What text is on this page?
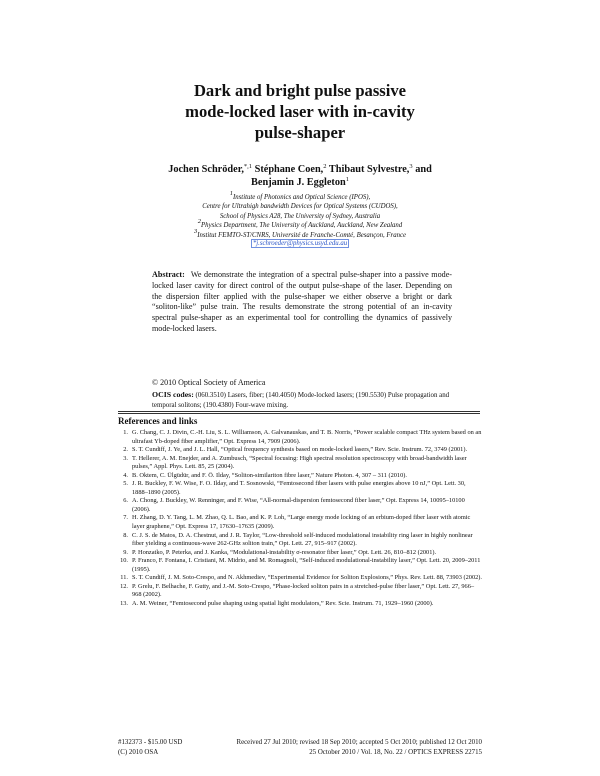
Dark and bright pulse passive
mode-locked laser with in-cavity
pulse-shaper
Jochen Schröder,$^{*,1}$ Stéphane Coen,$^2$ Thibaut Sylvestre,$^3$ and
Benjamin J. Eggleton$^1$
$^1$Institute of Photonics and Optical Science (IPOS),
Centre for Ultrahigh bandwidth Devices for Optical Systems (CUDOS),
School of Physics A28, The University of Sydney, Australia
$^2$Physics Department, The University of Auckland, Auckland, New Zealand
$^3$Institut FEMTO-ST/CNRS, Université de Franche-Comté, Besançon, France
*j.schroeder@physics.usyd.edu.au
Abstract: We demonstrate the integration of a spectral pulse-shaper into a passive mode-locked laser cavity for direct control of the output pulse-shape of the laser. Depending on the dispersion filter applied with the pulse-shaper we either observe a bright or dark “soliton-like” pulse train. The results demonstrate the strong potential of an in-cavity spectral pulse-shaper as an experimental tool for controlling the dynamics of passively mode-locked lasers.
© 2010 Optical Society of America
OCIS codes: (060.3510) Lasers, fiber; (140.4050) Mode-locked lasers; (190.5530) Pulse propagation and temporal solitons; (190.4380) Four-wave mixing.
References and links
1. G. Chang, C. J. Divin, C.-H. Liu, S. L. Williamson, A. Galvanauskas, and T. B. Norris, “Power scalable compact THz system based on an ultrafast Yb-doped fiber amplifier,” Opt. Express 14, 7909 (2006).
2. S. T. Cundiff, J. Ye, and J. L. Hall, “Optical frequency synthesis based on mode-locked lasers,” Rev. Scie. Instrum. 72, 3749 (2001).
3. T. Hellerer, A. M. Enejder, and A. Zumbusch, “Spectral focusing: High spectral resolution spectroscopy with broad-bandwidth laser pulses,” Appl. Phys. Lett. 85, 25 (2004).
4. B. Oktem, C. Ülgüdür, and F. Ö. Ilday, “Soliton-similariton fibre laser,” Nature Photon. 4, 307 – 311 (2010).
5. J. R. Buckley, F. W. Wise, F. O. Ilday, and T. Sosnowski, “Femtosecond fiber lasers with pulse energies above 10 nJ,” Opt. Lett. 30, 1888–1890 (2005).
6. A. Chong, J. Buckley, W. Renninger, and F. Wise, “All-normal-dispersion femtosecond fiber laser,” Opt. Express 14, 10095–10100 (2006).
7. H. Zhang, D. Y. Tang, L. M. Zhao, Q. L. Bao, and K. P. Loh, “Large energy mode locking of an erbium-doped fiber laser with atomic layer graphene,” Opt. Express 17, 17630–17635 (2009).
8. C. J. S. de Matos, D. A. Chestnut, and J. R. Taylor, “Low-threshold self-induced modulational instability ring laser in highly nonlinear fiber yielding a continuous-wave 262-GHz soliton train,” Opt. Lett. 27, 915–917 (2002).
9. P. Honzatko, P. Peterka, and J. Kanka, “Modulational-instability σ-resonator fiber laser,” Opt. Lett. 26, 810–812 (2001).
10. P. Franco, F. Fontana, I. Cristiani, M. Midrio, and M. Romagnoli, “Self-induced modulational-instability laser,” Opt. Lett. 20, 2009–2011 (1995).
11. S. T. Cundiff, J. M. Soto-Crespo, and N. Akhmediev, “Experimental Evidence for Soliton Explosions,” Phys. Rev. Lett. 88, 73903 (2002).
12. P. Grelu, F. Belhache, F. Gutty, and J.-M. Soto-Crespo, “Phase-locked soliton pairs in a stretched-pulse fiber laser,” Opt. Lett. 27, 966–968 (2002).
13. A. M. Weiner, “Femtosecond pulse shaping using spatial light modulators,” Rev. Scie. Instrum. 71, 1929–1960 (2000).
#132373 - $15.00 USD	Received 27 Jul 2010; revised 18 Sep 2010; accepted 5 Oct 2010; published 12 Oct 2010
(C) 2010 OSA	25 October 2010 / Vol. 18, No. 22 / OPTICS EXPRESS 22715
